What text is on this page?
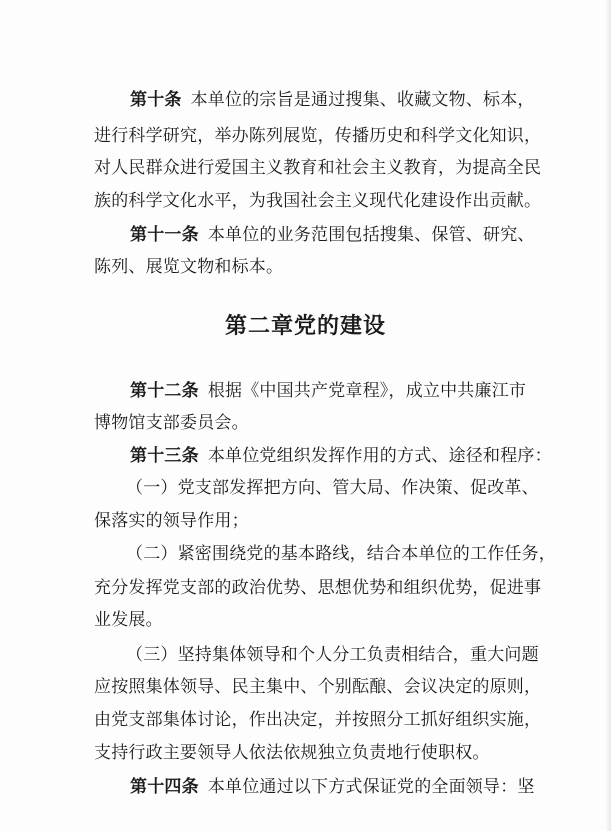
第十条 本单位的宗旨是通过搜集、收藏文物、标本，
进行科学研究，举办陈列展览，传播历史和科学文化知识，
对人民群众进行爱国主义教育和社会主义教育，为提高全民
族的科学文化水平，为我国社会主义现代化建设作出贡献。
第十一条 本单位的业务范围包括搜集、保管、研究、
陈列、展览文物和标本。
第二章党的建设
第十二条 根据《中国共产党章程》，成立中共廉江市
博物馆支部委员会。
第十三条 本单位党组织发挥作用的方式、途径和程序：
（一）党支部发挥把方向、管大局、作决策、促改革、
保落实的领导作用；
（二）紧密围绕党的基本路线，结合本单位的工作任务，
充分发挥党支部的政治优势、思想优势和组织优势，促进事
业发展。
（三）坚持集体领导和个人分工负责相结合，重大问题
应按照集体领导、民主集中、个别酝酿、会议决定的原则，
由党支部集体讨论，作出决定，并按照分工抓好组织实施，
支持行政主要领导人依法依规独立负责地行使职权。
第十四条 本单位通过以下方式保证党的全面领导：坚
